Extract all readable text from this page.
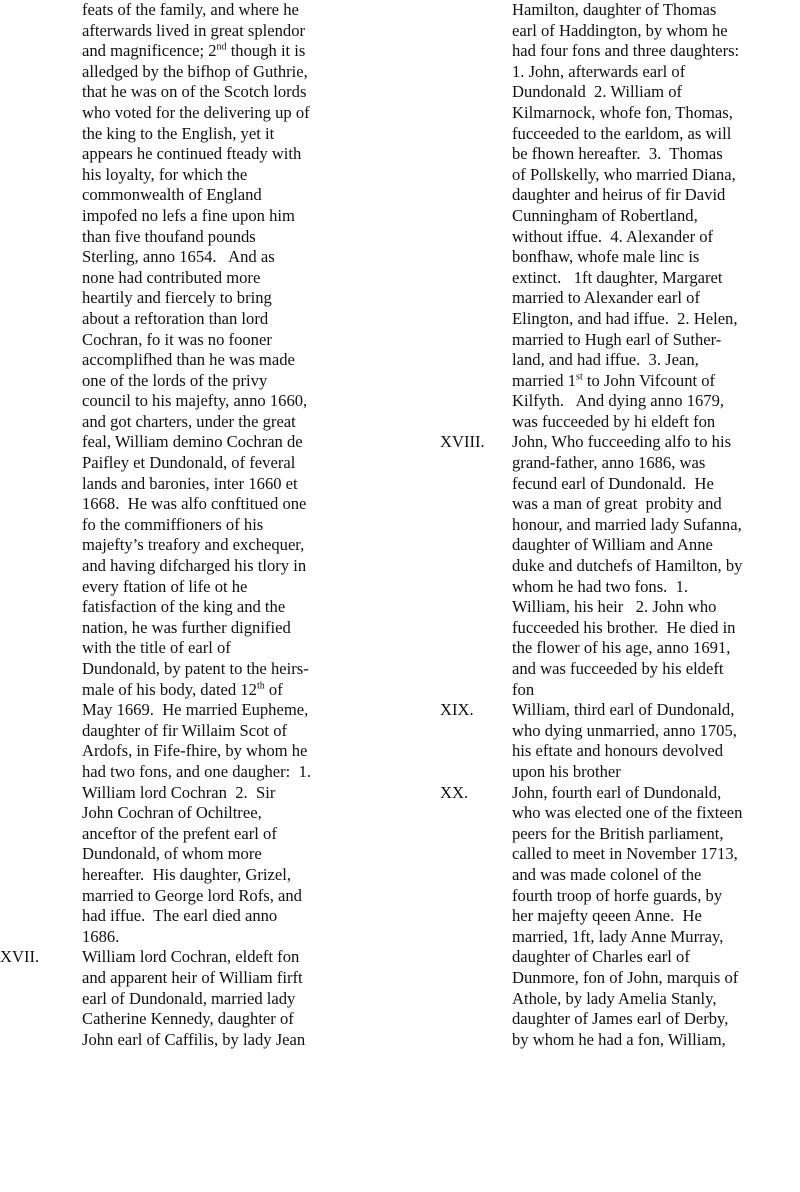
feats of the family, and where he
afterwards lived in great splendor
and magnificence; 2nd though it is
alledged by the bifhop of Guthrie,
that he was on of the Scotch lords
who voted for the delivering up of
the king to the English, yet it
appears he continued fteady with
his loyalty, for which the
commonwealth of England
impofed no lefs a fine upon him
than five thoufand pounds
Sterling, anno 1654.   And as
none had contributed more
heartily and fiercely to bring
about a reftoration than lord
Cochran, fo it was no fooner
accomplifhed than he was made
one of the lords of the privy
council to his majefty, anno 1660,
and got charters, under the great
feal, William demino Cochran de
Paifley et Dundonald, of feveral
lands and baronies, inter 1660 et
1668.  He was alfo conftitued one
fo the commiffioners of his
majefty’s treafory and exchequer,
and having difcharged his tlory in
every ftation of life ot he
fatisfaction of the king and the
nation, he was further dignified
with the title of earl of
Dundonald, by patent to the heirs-
male of his body, dated 12th of
May 1669.  He married Eupheme,
daughter of fir Willaim Scot of
Ardofs, in Fife-fhire, by whom he
had two fons, and one daugher:  1.
William lord Cochran  2.  Sir
John Cochran of Ochiltree,
anceftor of the prefent earl of
Dundonald, of whom more
hereafter.  His daughter, Grizel,
married to George lord Rofs, and
had iffue.  The earl died anno
1686.
XVII.	William lord Cochran, eldeft fon
and apparent heir of William firft
earl of Dundonald, married lady
Catherine Kennedy, daughter of
John earl of Caffilis, by lady Jean
Hamilton, daughter of Thomas
earl of Haddington, by whom he
had four fons and three daughters:
1. John, afterwards earl of
Dundonald  2. William of
Kilmarnock, whofe fon, Thomas,
fucceeded to the earldom, as will
be fhown hereafter.  3.  Thomas
of Pollskelly, who married Diana,
daughter and heirus of fir David
Cunningham of Robertland,
without iffue.  4. Alexander of
bonfhaw, whofe male linc is
extinct.   1ft daughter, Margaret
married to Alexander earl of
Elington, and had iffue.  2. Helen,
married to Hugh earl of Suther-
land, and had iffue.  3. Jean,
married 1st to John Vifcount of
Kilfyth.   And dying anno 1679,
was fucceeded by hi eldeft fon
XVIII.	John, Who fucceeding alfo to his
grand-father, anno 1686, was
fecund earl of Dundonald.  He
was a man of great  probity and
honour, and married lady Sufanna,
daughter of William and Anne
duke and dutchefs of Hamilton, by
whom he had two fons.  1.
William, his heir   2. John who
fucceeded his brother.  He died in
the flower of his age, anno 1691,
and was fucceeded by his eldeft
fon
XIX.	William, third earl of Dundonald,
who dying unmarried, anno 1705,
his eftate and honours devolved
upon his brother
XX.	John, fourth earl of Dundonald,
who was elected one of the fixteen
peers for the British parliament,
called to meet in November 1713,
and was made colonel of the
fourth troop of horfe guards, by
her majefty qeeen Anne.  He
married, 1ft, lady Anne Murray,
daughter of Charles earl of
Dunmore, fon of John, marquis of
Athole, by lady Amelia Stanly,
daughter of James earl of Derby,
by whom he had a fon, William,
